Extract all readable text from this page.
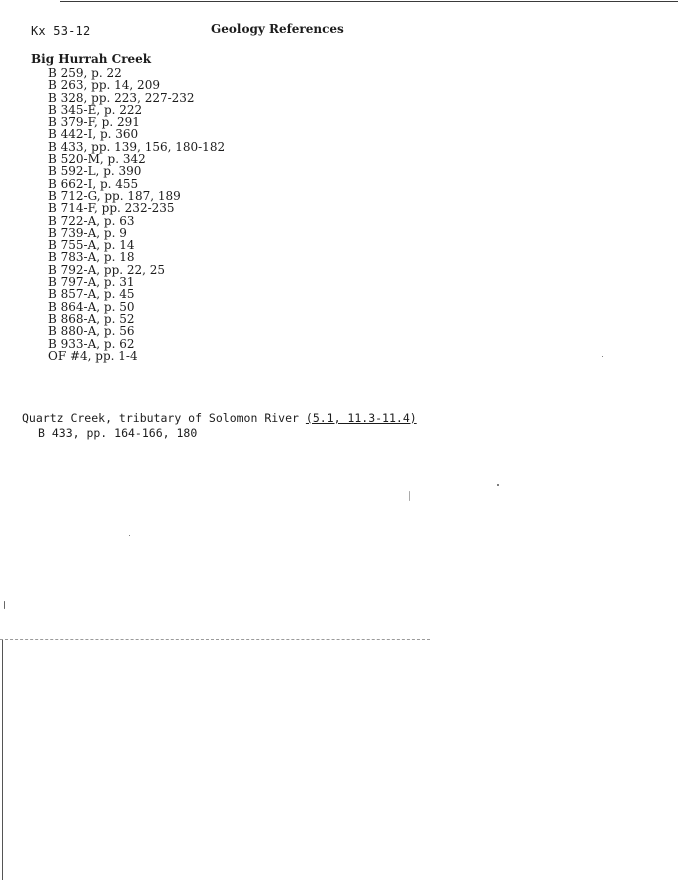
Kx 53-12	Geology References
Big Hurrah Creek
B 259, p. 22
B 263, pp. 14, 209
B 328, pp. 223, 227-232
B 345-E, p. 222
B 379-F, p. 291
B 442-I, p. 360
B 433, pp. 139, 156, 180-182
B 520-M, p. 342
B 592-L, p. 390
B 662-I, p. 455
B 712-G, pp. 187, 189
B 714-F, pp. 232-235
B 722-A, p. 63
B 739-A, p. 9
B 755-A, p. 14
B 783-A, p. 18
B 792-A, pp. 22, 25
B 797-A, p. 31
B 857-A, p. 45
B 864-A, p. 50
B 868-A, p. 52
B 880-A, p. 56
B 933-A, p. 62
OF #4, pp. 1-4
Quartz Creek, tributary of Solomon River (5.1, 11.3-11.4)
B 433, pp. 164-166, 180
